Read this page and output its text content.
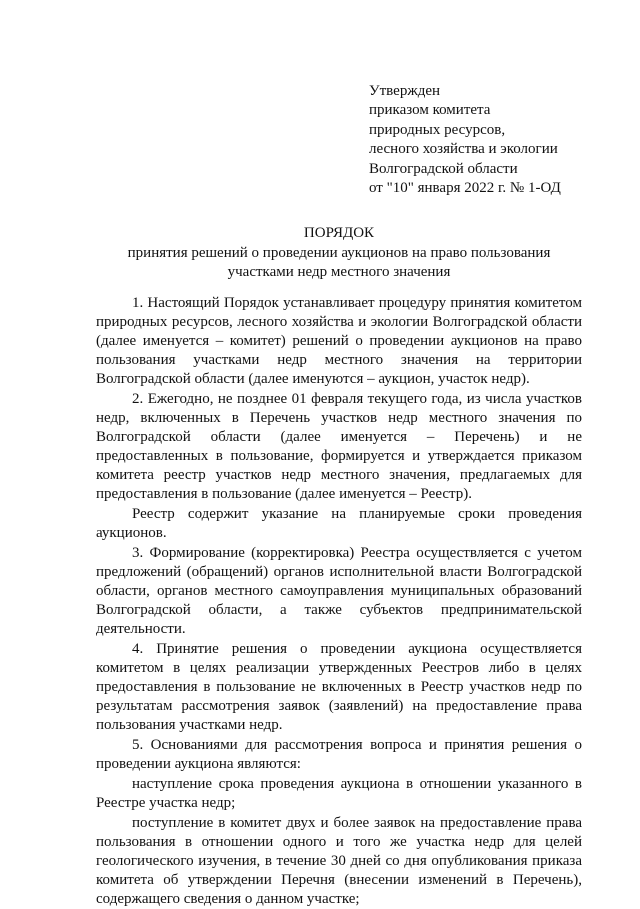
Утвержден
приказом комитета
природных ресурсов,
лесного хозяйства и экологии
Волгоградской области
от "10" января 2022 г. № 1-ОД
ПОРЯДОК
принятия решений о проведении аукционов на право пользования
участками недр местного значения

1. Настоящий Порядок устанавливает процедуру принятия комитетом природных ресурсов, лесного хозяйства и экологии Волгоградской области (далее именуется – комитет) решений о проведении аукционов на право пользования участками недр местного значения на территории Волгоградской области (далее именуются – аукцион, участок недр).

2. Ежегодно, не позднее 01 февраля текущего года, из числа участков недр, включенных в Перечень участков недр местного значения по Волгоградской области (далее именуется – Перечень) и не предоставленных в пользование, формируется и утверждается приказом комитета реестр участков недр местного значения, предлагаемых для предоставления в пользование (далее именуется – Реестр).

Реестр содержит указание на планируемые сроки проведения аукционов.

3. Формирование (корректировка) Реестра осуществляется с учетом предложений (обращений) органов исполнительной власти Волгоградской области, органов местного самоуправления муниципальных образований Волгоградской области, а также субъектов предпринимательской деятельности.

4. Принятие решения о проведении аукциона осуществляется комитетом в целях реализации утвержденных Реестров либо в целях предоставления в пользование не включенных в Реестр участков недр по результатам рассмотрения заявок (заявлений) на предоставление права пользования участками недр.

5. Основаниями для рассмотрения вопроса и принятия решения о проведении аукциона являются:

наступление срока проведения аукциона в отношении указанного в Реестре участка недр;

поступление в комитет двух и более заявок на предоставление права пользования в отношении одного и того же участка недр для целей геологического изучения, в течение 30 дней со дня опубликования приказа комитета об утверждении Перечня (внесении изменений в Перечень), содержащего сведения о данном участке;
